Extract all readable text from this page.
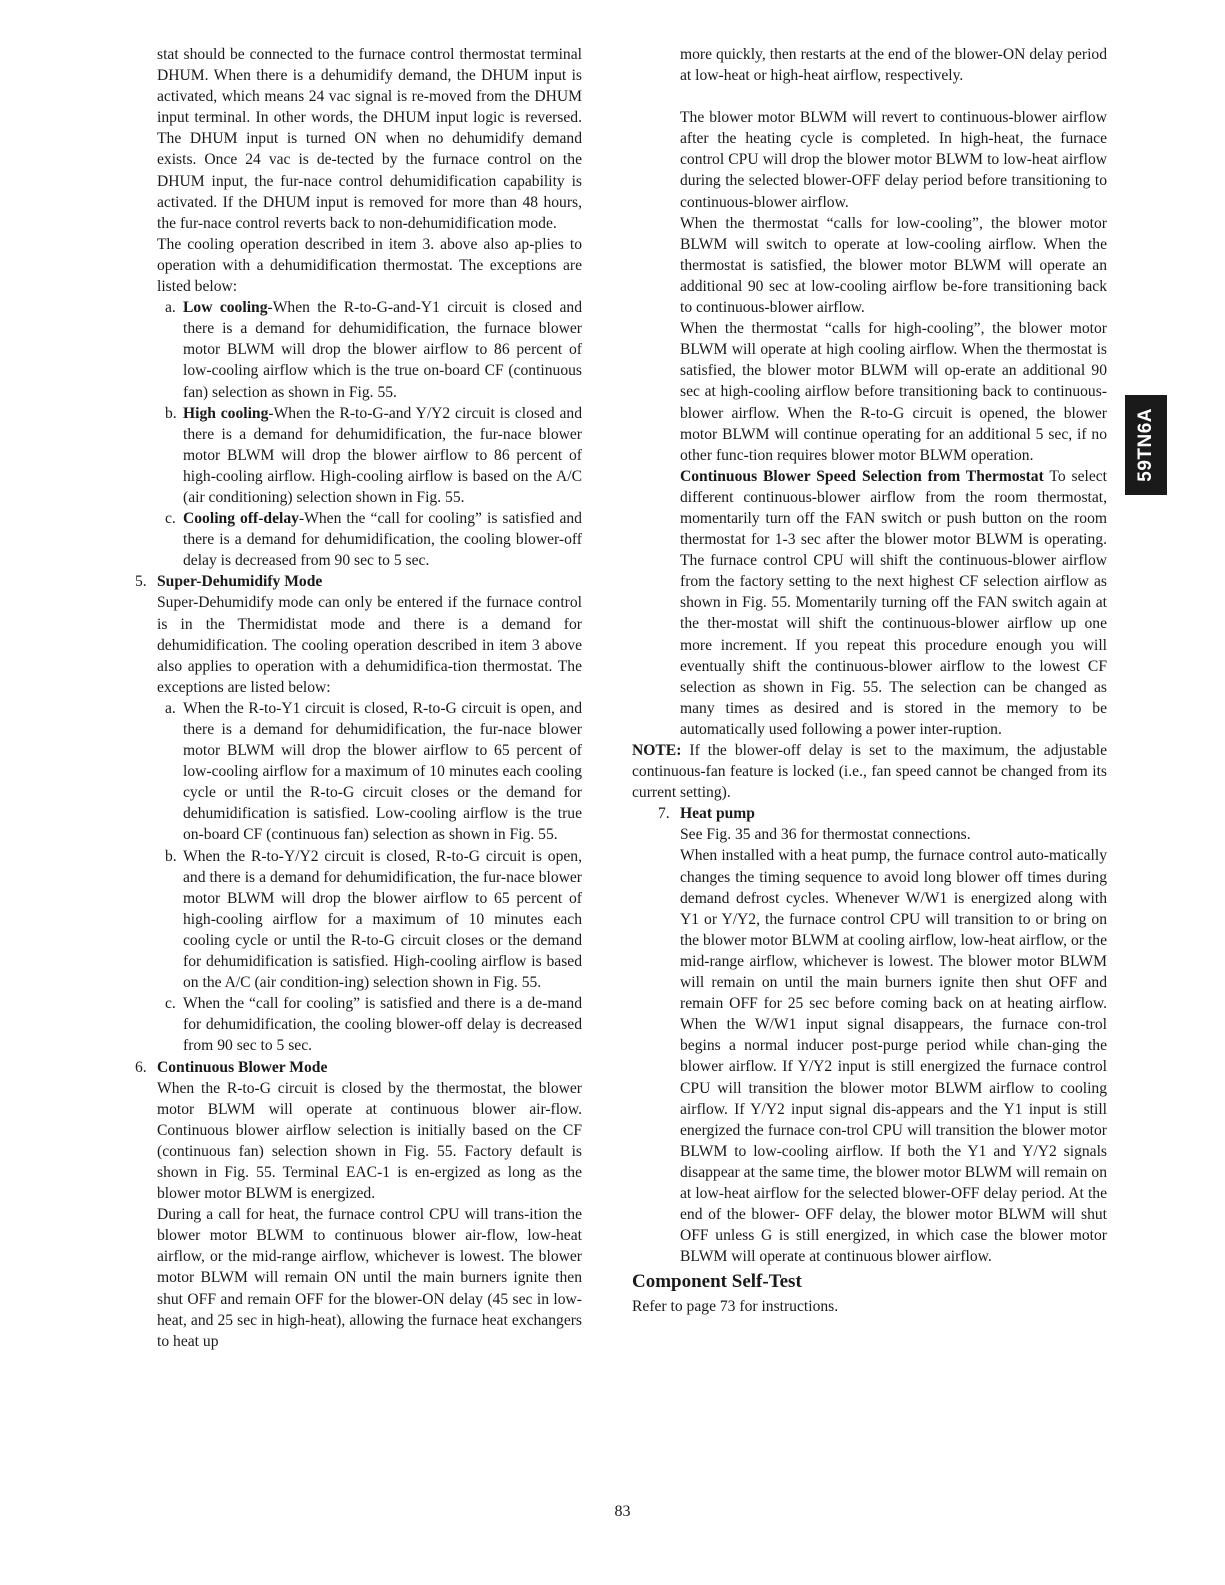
stat should be connected to the furnace control thermostat terminal DHUM. When there is a dehumidify demand, the DHUM input is activated, which means 24 vac signal is re-moved from the DHUM input terminal. In other words, the DHUM input logic is reversed. The DHUM input is turned ON when no dehumidify demand exists. Once 24 vac is de-tected by the furnace control on the DHUM input, the fur-nace control dehumidification capability is activated. If the DHUM input is removed for more than 48 hours, the fur-nace control reverts back to non-dehumidification mode.

The cooling operation described in item 3. above also ap-plies to operation with a dehumidification thermostat. The exceptions are listed below:

a. Low cooling-When the R-to-G-and-Y1 circuit is closed and there is a demand for dehumidification, the furnace blower motor BLWM will drop the blower airflow to 86 percent of low-cooling airflow which is the true on-board CF (continuous fan) selection as shown in Fig. 55.

b. High cooling-When the R-to-G-and Y/Y2 circuit is closed and there is a demand for dehumidification, the fur-nace blower motor BLWM will drop the blower airflow to 86 percent of high-cooling airflow. High-cooling airflow is based on the A/C (air conditioning) selection shown in Fig. 55.

c. Cooling off-delay-When the “call for cooling” is satisfied and there is a demand for dehumidification, the cooling blower-off delay is decreased from 90 sec to 5 sec.

5. Super-Dehumidify Mode

Super-Dehumidify mode can only be entered if the furnace control is in the Thermidistat mode and there is a demand for dehumidification. The cooling operation described in item 3 above also applies to operation with a dehumidifica-tion thermostat. The exceptions are listed below:

a. When the R-to-Y1 circuit is closed, R-to-G circuit is open, and there is a demand for dehumidification, the fur-nace blower motor BLWM will drop the blower airflow to 65 percent of low-cooling airflow for a maximum of 10 minutes each cooling cycle or until the R-to-G circuit closes or the demand for dehumidification is satisfied. Low-cooling airflow is the true on-board CF (continuous fan) selection as shown in Fig. 55.

b. When the R-to-Y/Y2 circuit is closed, R-to-G circuit is open, and there is a demand for dehumidification, the fur-nace blower motor BLWM will drop the blower airflow to 65 percent of high-cooling airflow for a maximum of 10 minutes each cooling cycle or until the R-to-G circuit closes or the demand for dehumidification is satisfied. High-cooling airflow is based on the A/C (air condition-ing) selection shown in Fig. 55.

c. When the “call for cooling” is satisfied and there is a de-mand for dehumidification, the cooling blower-off delay is decreased from 90 sec to 5 sec.

6. Continuous Blower Mode

When the R-to-G circuit is closed by the thermostat, the blower motor BLWM will operate at continuous blower air-flow. Continuous blower airflow selection is initially based on the CF (continuous fan) selection shown in Fig. 55. Factory default is shown in Fig. 55. Terminal EAC-1 is en-ergized as long as the blower motor BLWM is energized.

During a call for heat, the furnace control CPU will trans-ition the blower motor BLWM to continuous blower air-flow, low-heat airflow, or the mid-range airflow, whichever is lowest. The blower motor BLWM will remain ON until the main burners ignite then shut OFF and remain OFF for the blower-ON delay (45 sec in low-heat, and 25 sec in high-heat), allowing the furnace heat exchangers to heat up

more quickly, then restarts at the end of the blower-ON delay period at low-heat or high-heat airflow, respectively.

The blower motor BLWM will revert to continuous-blower airflow after the heating cycle is completed. In high-heat, the furnace control CPU will drop the blower motor BLWM to low-heat airflow during the selected blower-OFF delay period before transitioning to continuous-blower airflow.

When the thermostat “calls for low-cooling”, the blower motor BLWM will switch to operate at low-cooling airflow. When the thermostat is satisfied, the blower motor BLWM will operate an additional 90 sec at low-cooling airflow be-fore transitioning back to continuous-blower airflow.

When the thermostat “calls for high-cooling”, the blower motor BLWM will operate at high cooling airflow. When the thermostat is satisfied, the blower motor BLWM will op-erate an additional 90 sec at high-cooling airflow before transitioning back to continuous-blower airflow. When the R-to-G circuit is opened, the blower motor BLWM will continue operating for an additional 5 sec, if no other func-tion requires blower motor BLWM operation.

Continuous Blower Speed Selection from Thermostat To select different continuous-blower airflow from the room thermostat, momentarily turn off the FAN switch or push button on the room thermostat for 1-3 sec after the blower motor BLWM is operating. The furnace control CPU will shift the continuous-blower airflow from the factory setting to the next highest CF selection airflow as shown in Fig. 55. Momentarily turning off the FAN switch again at the ther-mostat will shift the continuous-blower airflow up one more increment. If you repeat this procedure enough you will eventually shift the continuous-blower airflow to the lowest CF selection as shown in Fig. 55. The selection can be changed as many times as desired and is stored in the memory to be automatically used following a power inter-ruption.

NOTE: If the blower-off delay is set to the maximum, the adjustable continuous-fan feature is locked (i.e., fan speed cannot be changed from its current setting).

7. Heat pump

See Fig. 35 and 36 for thermostat connections.

When installed with a heat pump, the furnace control auto-matically changes the timing sequence to avoid long blower off times during demand defrost cycles. Whenever W/W1 is energized along with Y1 or Y/Y2, the furnace control CPU will transition to or bring on the blower motor BLWM at cooling airflow, low-heat airflow, or the mid-range airflow, whichever is lowest. The blower motor BLWM will remain on until the main burners ignite then shut OFF and remain OFF for 25 sec before coming back on at heating airflow. When the W/W1 input signal disappears, the furnace con-trol begins a normal inducer post-purge period while chan-ging the blower airflow. If Y/Y2 input is still energized the furnace control CPU will transition the blower motor BLWM airflow to cooling airflow. If Y/Y2 input signal dis-appears and the Y1 input is still energized the furnace con-trol CPU will transition the blower motor BLWM to low-cooling airflow. If both the Y1 and Y/Y2 signals disappear at the same time, the blower motor BLWM will remain on at low-heat airflow for the selected blower-OFF delay period. At the end of the blower- OFF delay, the blower motor BLWM will shut OFF unless G is still energized, in which case the blower motor BLWM will operate at continuous blower airflow.

Component Self-Test

Refer to page 73 for instructions.

59TN6A
83
